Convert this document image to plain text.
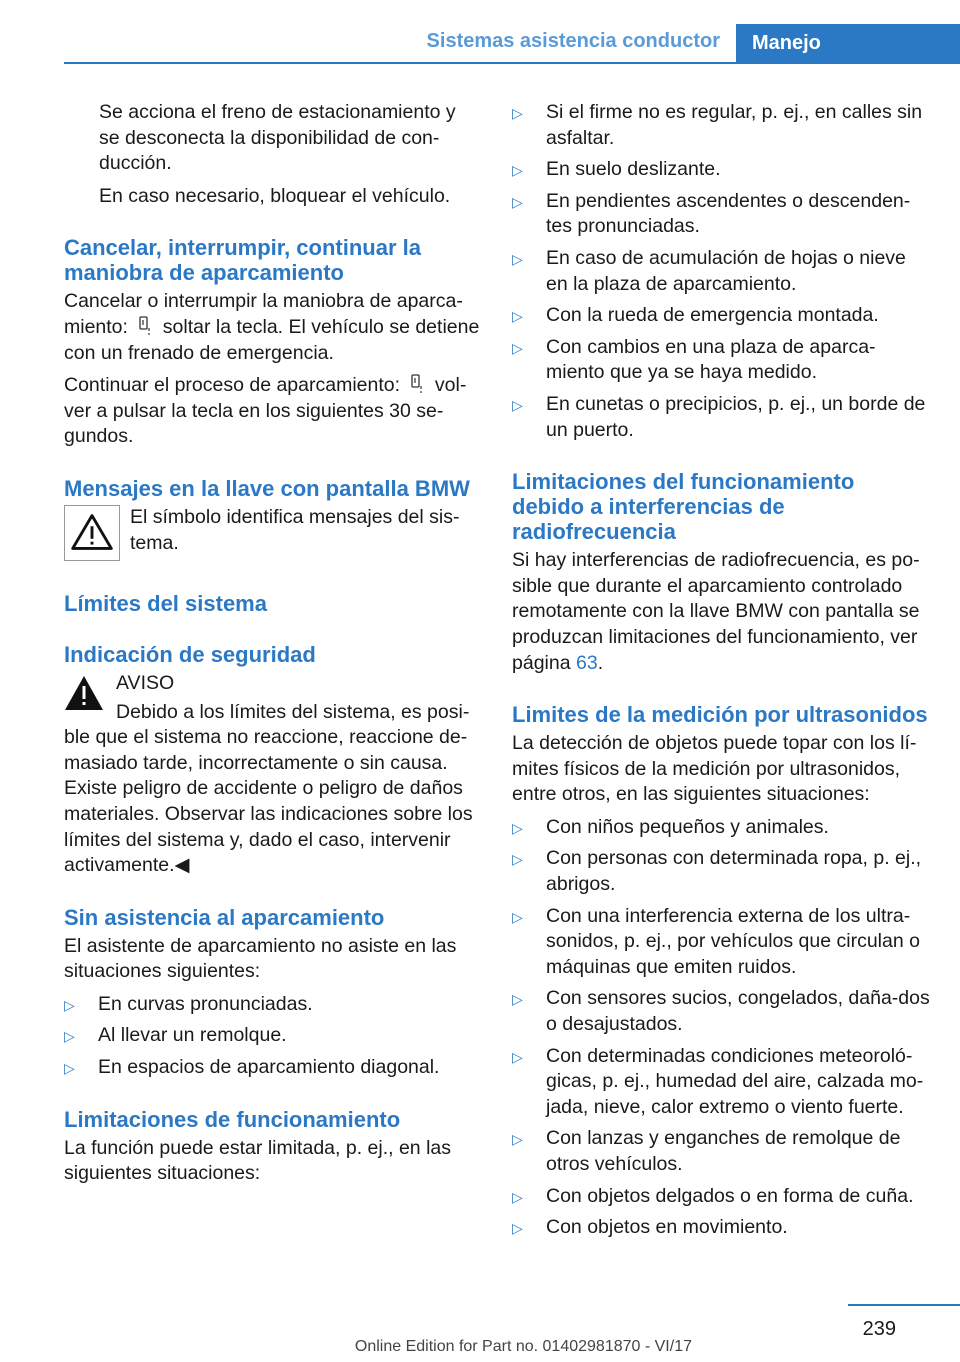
Sistemas asistencia conductor	Manejo

Se acciona el freno de estacionamiento y se desconecta la disponibilidad de con-ducción.

En caso necesario, bloquear el vehículo.

Cancelar, interrumpir, continuar la maniobra de aparcamiento

Cancelar o interrumpir la maniobra de aparca-miento: soltar la tecla. El vehículo se detiene con un frenado de emergencia.

Continuar el proceso de aparcamiento: vol-ver a pulsar la tecla en los siguientes 30 se-gundos.

Mensajes en la llave con pantalla BMW

El símbolo identifica mensajes del sis-tema.

Límites del sistema
Indicación de seguridad
AVISO
Debido a los límites del sistema, es posi-

ble que el sistema no reaccione, reaccione de-masiado tarde, incorrectamente o sin causa. Existe peligro de accidente o peligro de daños materiales. Observar las indicaciones sobre los límites del sistema y, dado el caso, intervenir activamente.◀

Sin asistencia al aparcamiento

El asistente de aparcamiento no asiste en las situaciones siguientes:

▷ En curvas pronunciadas.
▷ Al llevar un remolque.
▷ En espacios de aparcamiento diagonal.
Limitaciones de funcionamiento

La función puede estar limitada, p. ej., en las siguientes situaciones:

▷ Si el firme no es regular, p. ej., en calles sin asfaltar.
▷ En suelo deslizante.
▷ En pendientes ascendentes o descenden-tes pronunciadas.
▷ En caso de acumulación de hojas o nieve en la plaza de aparcamiento.
▷ Con la rueda de emergencia montada.
▷ Con cambios en una plaza de aparca-miento que ya se haya medido.
▷ En cunetas o precipicios, p. ej., un borde de un puerto.
Limitaciones del funcionamiento debido a interferencias de radiofrecuencia

Si hay interferencias de radiofrecuencia, es po-sible que durante el aparcamiento controlado remotamente con la llave BMW con pantalla se produzcan limitaciones del funcionamiento, ver página 63.

Limites de la medición por ultrasonidos

La detección de objetos puede topar con los lí-mites físicos de la medición por ultrasonidos, entre otros, en las siguientes situaciones:

▷ Con niños pequeños y animales.
▷ Con personas con determinada ropa, p. ej., abrigos.
▷ Con una interferencia externa de los ultra-sonidos, p. ej., por vehículos que circulan o máquinas que emiten ruidos.
▷ Con sensores sucios, congelados, daña-dos o desajustados.
▷ Con determinadas condiciones meteoroló-gicas, p. ej., humedad del aire, calzada mo-jada, nieve, calor extremo o viento fuerte.
▷ Con lanzas y enganches de remolque de otros vehículos.
▷ Con objetos delgados o en forma de cuña.
▷ Con objetos en movimiento.
239
Online Edition for Part no. 01402981870 - VI/17
